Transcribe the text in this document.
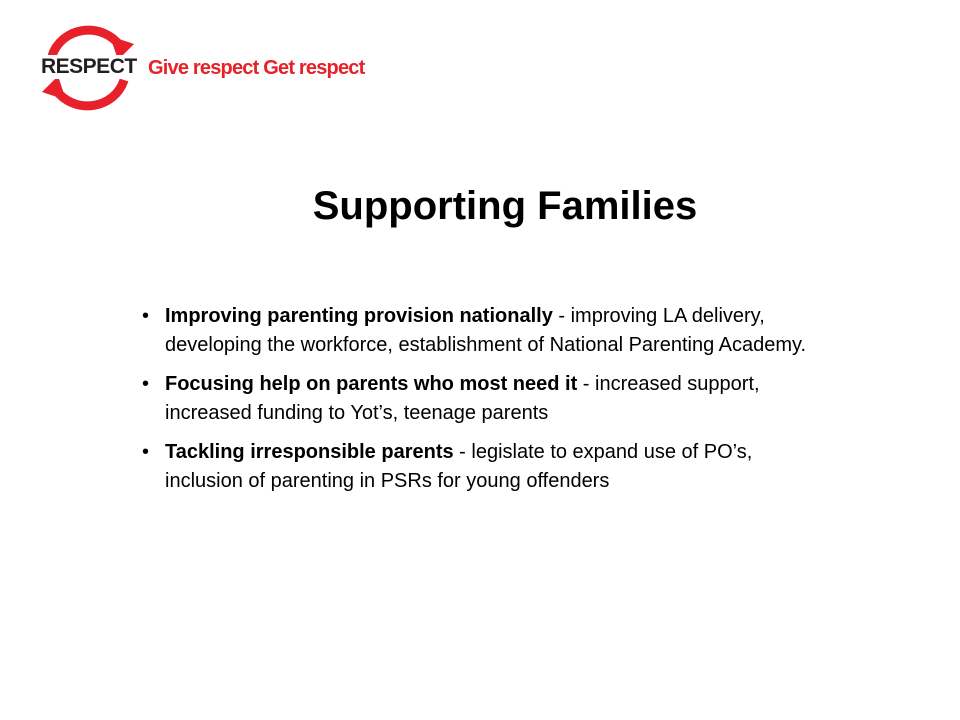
RESPECT Give respect Get respect
Supporting Families
• Improving parenting provision nationally - improving LA delivery, developing the workforce, establishment of National Parenting Academy.
• Focusing help on parents who most need it - increased support, increased funding to Yot’s, teenage parents
• Tackling irresponsible parents - legislate to expand use of PO’s, inclusion of parenting in PSRs for young offenders
